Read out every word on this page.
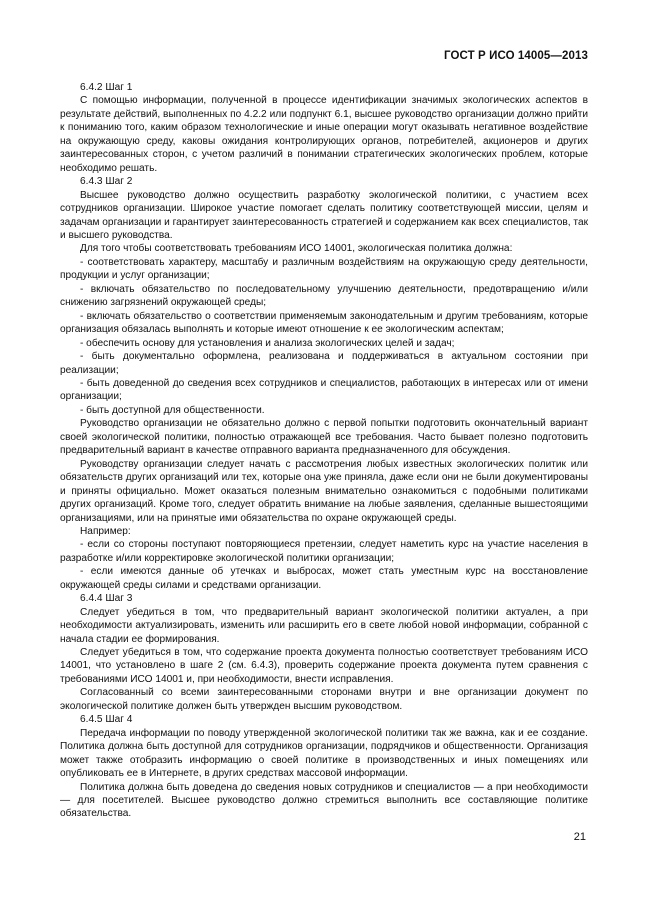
ГОСТ Р ИСО 14005—2013

6.4.2 Шаг 1

С помощью информации, полученной в процессе идентификации значимых экологических аспектов в результате действий, выполненных по 4.2.2 или подпункт 6.1, высшее руководство организации должно прийти к пониманию того, каким образом технологические и иные операции могут оказывать негативное воздействие на окружающую среду, каковы ожидания контролирующих органов, потребителей, акционеров и других заинтересованных сторон, с учетом различий в понимании стратегических экологических проблем, которые необходимо решать.

6.4.3 Шаг 2

Высшее руководство должно осуществить разработку экологической политики, с участием всех сотрудников организации. Широкое участие помогает сделать политику соответствующей миссии, целям и задачам организации и гарантирует заинтересованность стратегией и содержанием как всех специалистов, так и высшего руководства.

Для того чтобы соответствовать требованиям ИСО 14001, экологическая политика должна:

- соответствовать характеру, масштабу и различным воздействиям на окружающую среду деятельности, продукции и услуг организации;

- включать обязательство по последовательному улучшению деятельности, предотвращению и/или снижению загрязнений окружающей среды;

- включать обязательство о соответствии применяемым законодательным и другим требованиям, которые организация обязалась выполнять и которые имеют отношение к ее экологическим аспектам;

- обеспечить основу для установления и анализа экологических целей и задач;

- быть документально оформлена, реализована и поддерживаться в актуальном состоянии при реализации;

- быть доведенной до сведения всех сотрудников и специалистов, работающих в интересах или от имени организации;

- быть доступной для общественности.

Руководство организации не обязательно должно с первой попытки подготовить окончательный вариант своей экологической политики, полностью отражающей все требования. Часто бывает полезно подготовить предварительный вариант в качестве отправного варианта предназначенного для обсуждения.

Руководству организации следует начать с рассмотрения любых известных экологических политик или обязательств других организаций или тех, которые она уже приняла, даже если они не были документированы и приняты официально. Может оказаться полезным внимательно ознакомиться с подобными политиками других организаций. Кроме того, следует обратить внимание на любые заявления, сделанные вышестоящими организациями, или на принятые ими обязательства по охране окружающей среды.

Например:

- если со стороны поступают повторяющиеся претензии, следует наметить курс на участие населения в разработке и/или корректировке экологической политики организации;

- если имеются данные об утечках и выбросах, может стать уместным курс на восстановление окружающей среды силами и средствами организации.

6.4.4 Шаг 3

Следует убедиться в том, что предварительный вариант экологической политики актуален, а при необходимости актуализировать, изменить или расширить его в свете любой новой информации, собранной с начала стадии ее формирования.

Следует убедиться в том, что содержание проекта документа полностью соответствует требованиям ИСО 14001, что установлено в шаге 2 (см. 6.4.3), проверить содержание проекта документа путем сравнения с требованиями ИСО 14001 и, при необходимости, внести исправления.

Согласованный со всеми заинтересованными сторонами внутри и вне организации документ по экологической политике должен быть утвержден высшим руководством.

6.4.5 Шаг 4

Передача информации по поводу утвержденной экологической политики так же важна, как и ее создание. Политика должна быть доступной для сотрудников организации, подрядчиков и общественности. Организация может также отобразить информацию о своей политике в производственных и иных помещениях или опубликовать ее в Интернете, в других средствах массовой информации.

Политика должна быть доведена до сведения новых сотрудников и специалистов — а при необходимости — для посетителей. Высшее руководство должно стремиться выполнить все составляющие политике обязательства.

21
